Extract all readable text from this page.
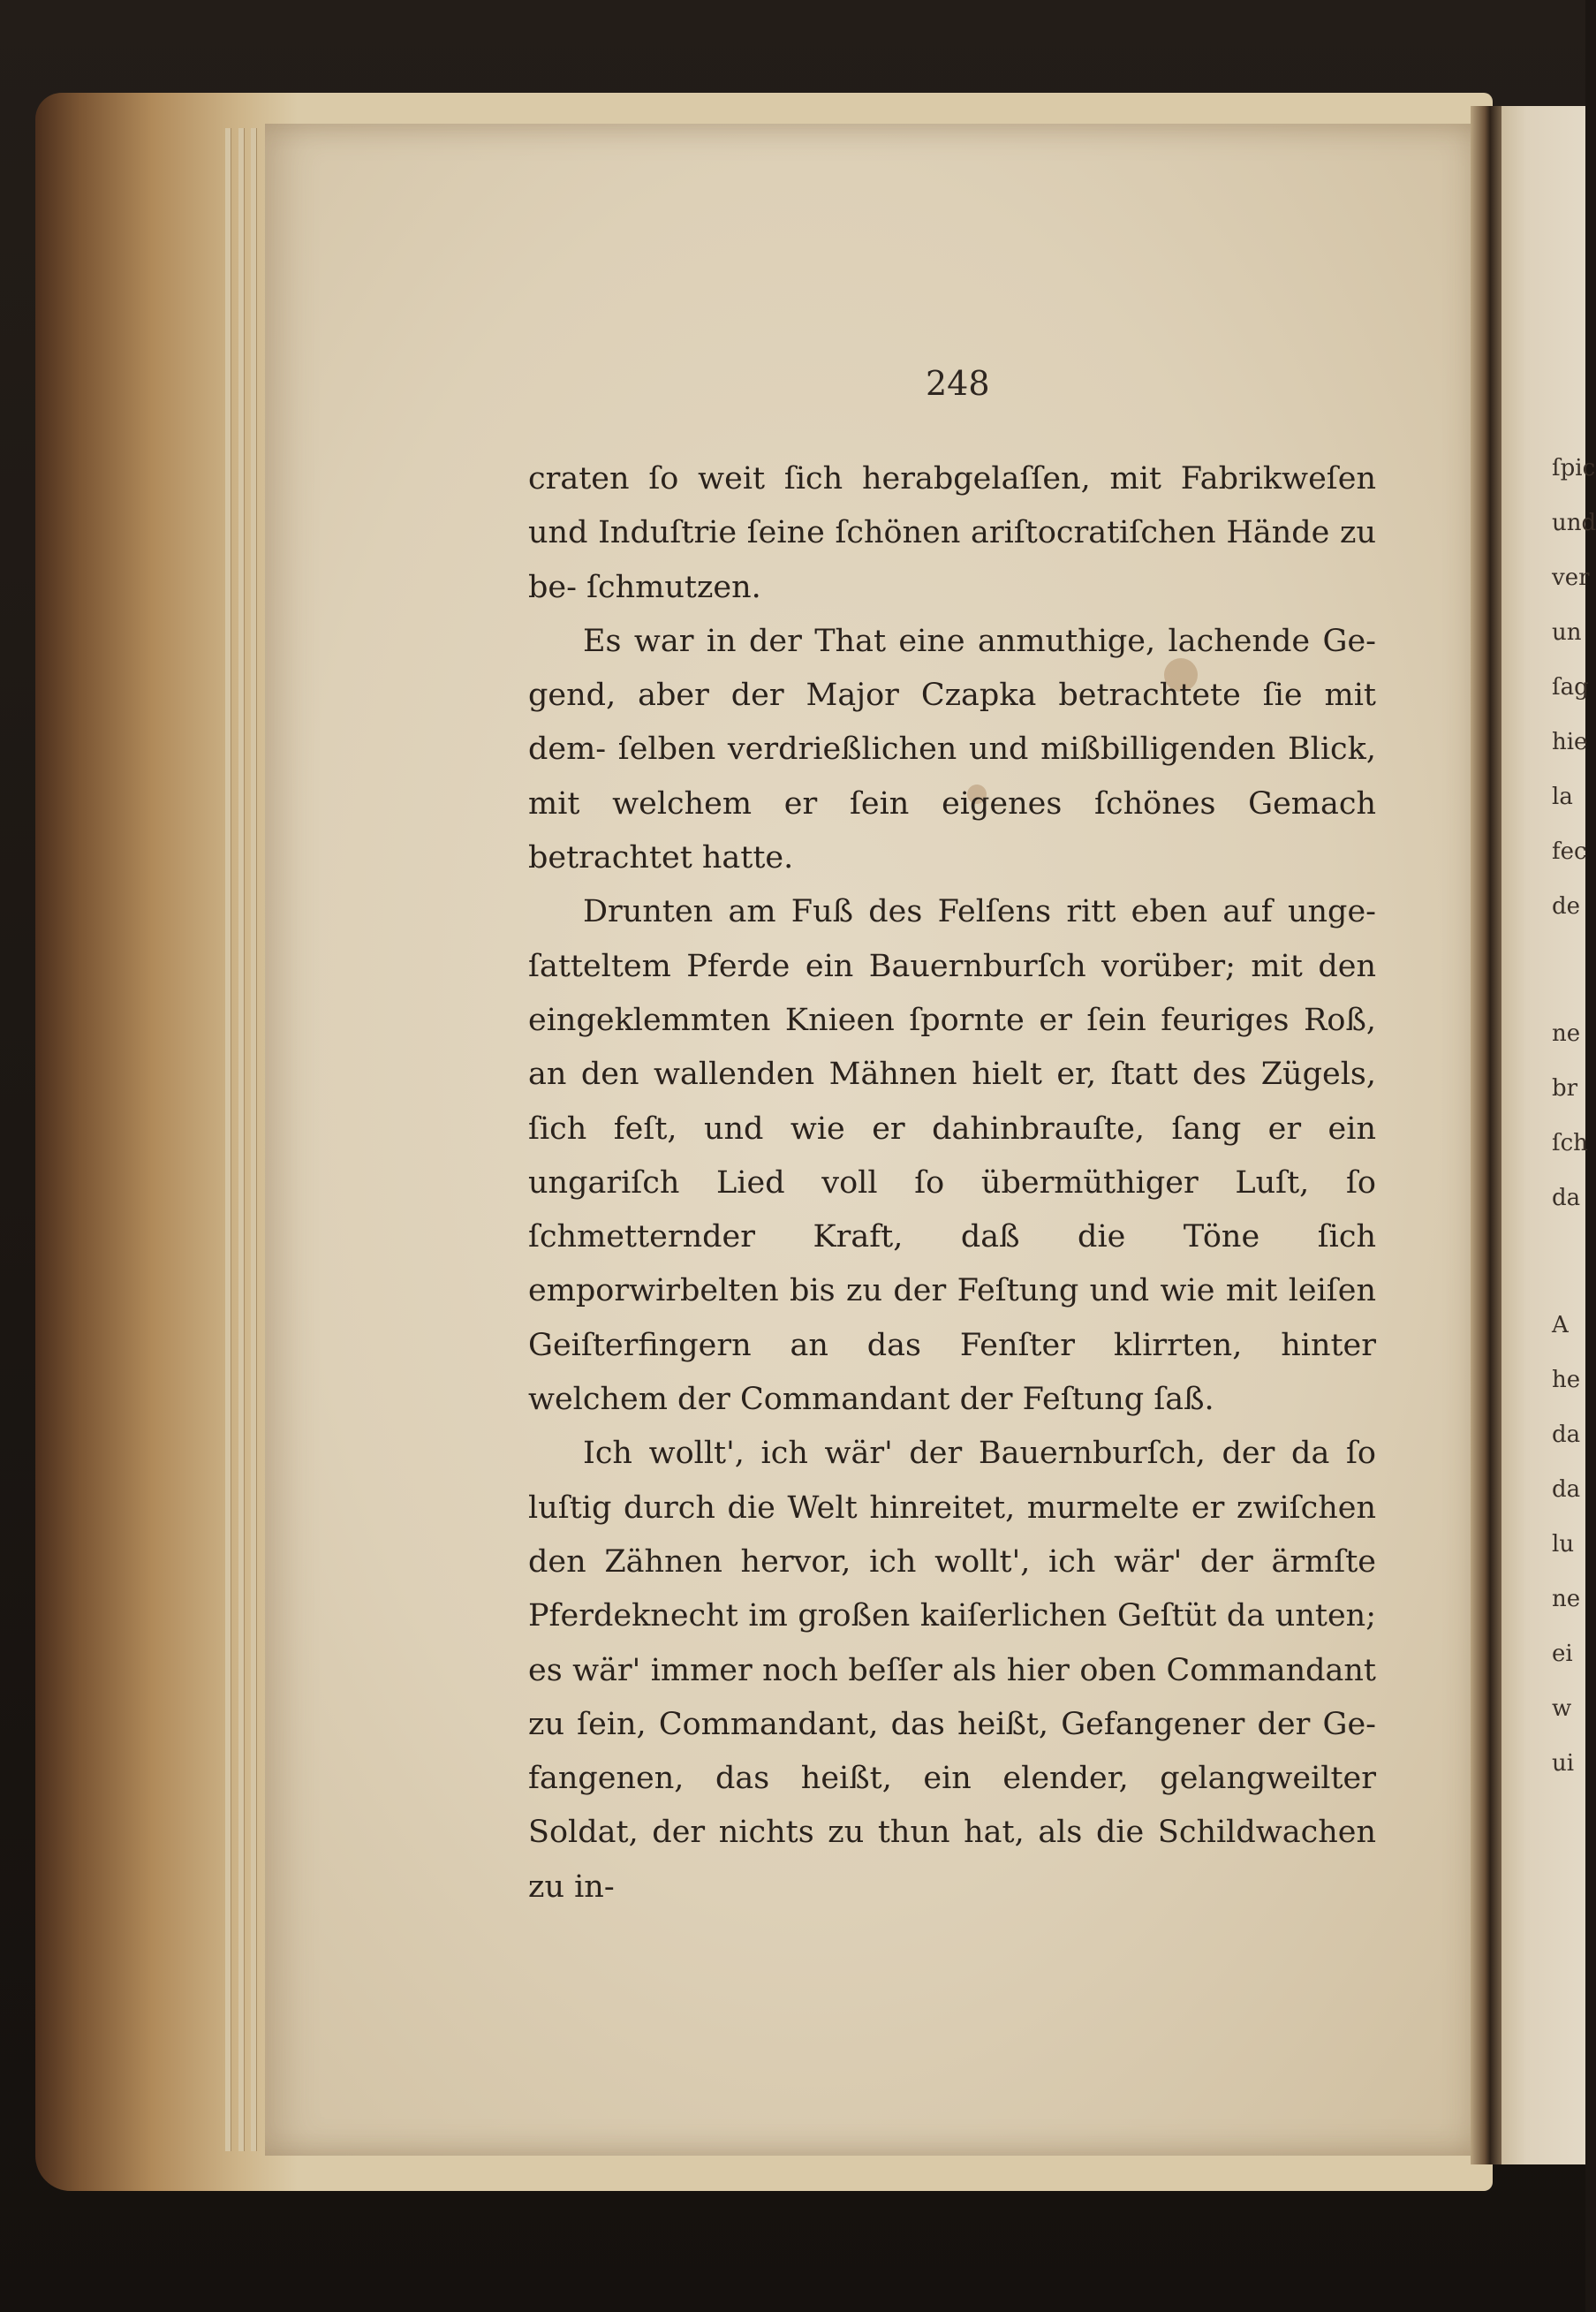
248

craten ſo weit ſich herabgelaſſen, mit Fabrikweſen und Induſtrie ſeine ſchönen ariſtocratiſchen Hände zu be- ſchmutzen.

Es war in der That eine anmuthige, lachende Ge- gend, aber der Major Czapka betrachtete ſie mit dem- ſelben verdrießlichen und mißbilligenden Blick, mit welchem er ſein eigenes ſchönes Gemach betrachtet hatte.

Drunten am Fuß des Felſens ritt eben auf unge- ſatteltem Pferde ein Bauernburſch vorüber; mit den eingeklemmten Knieen ſpornte er ſein feuriges Roß, an den wallenden Mähnen hielt er, ſtatt des Zügels, ſich feſt, und wie er dahinbrauſte, ſang er ein ungariſch Lied voll ſo übermüthiger Luſt, ſo ſchmetternder Kraft, daß die Töne ſich emporwirbelten bis zu der Feſtung und wie mit leiſen Geiſterfingern an das Fenſter klirrten, hinter welchem der Commandant der Feſtung ſaß.

Ich wollt', ich wär' der Bauernburſch, der da ſo luſtig durch die Welt hinreitet, murmelte er zwiſchen den Zähnen hervor, ich wollt', ich wär' der ärmſte Pferdeknecht im großen kaiſerlichen Geſtüt da unten; es wär' immer noch beſſer als hier oben Commandant zu ſein, Commandant, das heißt, Gefangener der Ge- fangenen, das heißt, ein elender, gelangweilter Soldat, der nichts zu thun hat, als die Schildwachen zu in-

ſpic
und
ver
un
ſag
hie
la
fec
de
ne
br
ſch
da
A
he
da
da
lu
ne
ei
w
ui
